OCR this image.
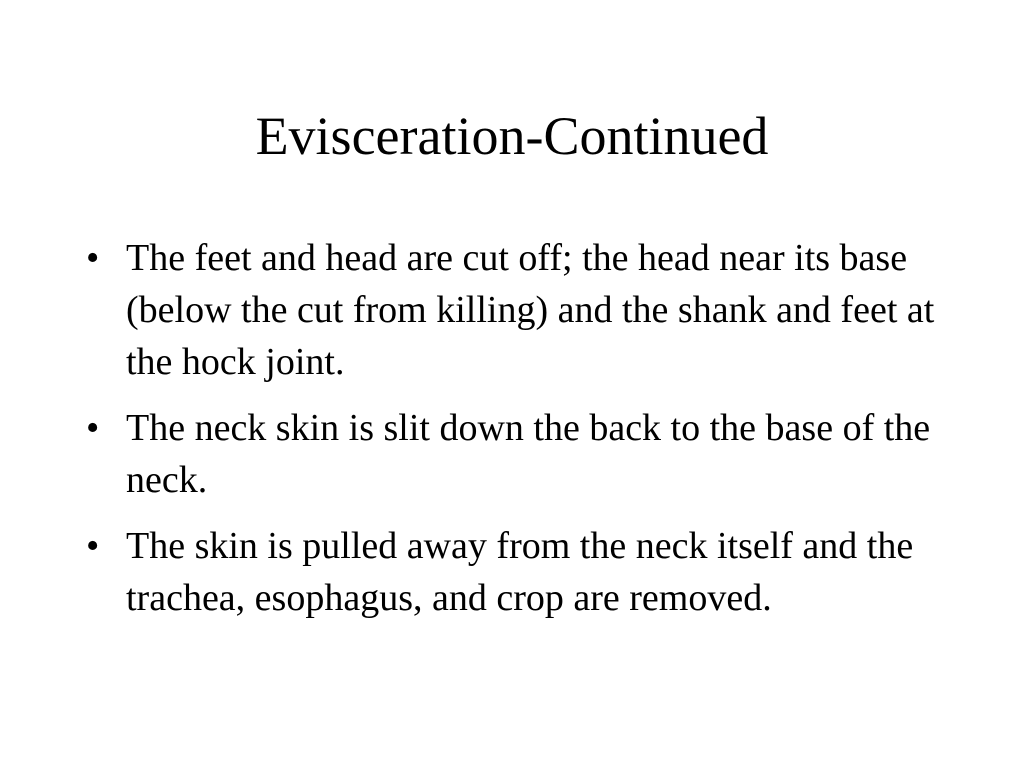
Evisceration-Continued
• The feet and head are cut off; the head near its base (below the cut from killing) and the shank and feet at the hock joint.
• The neck skin is slit down the back to the base of the neck.
• The skin is pulled away from the neck itself and the trachea, esophagus, and crop are removed.
